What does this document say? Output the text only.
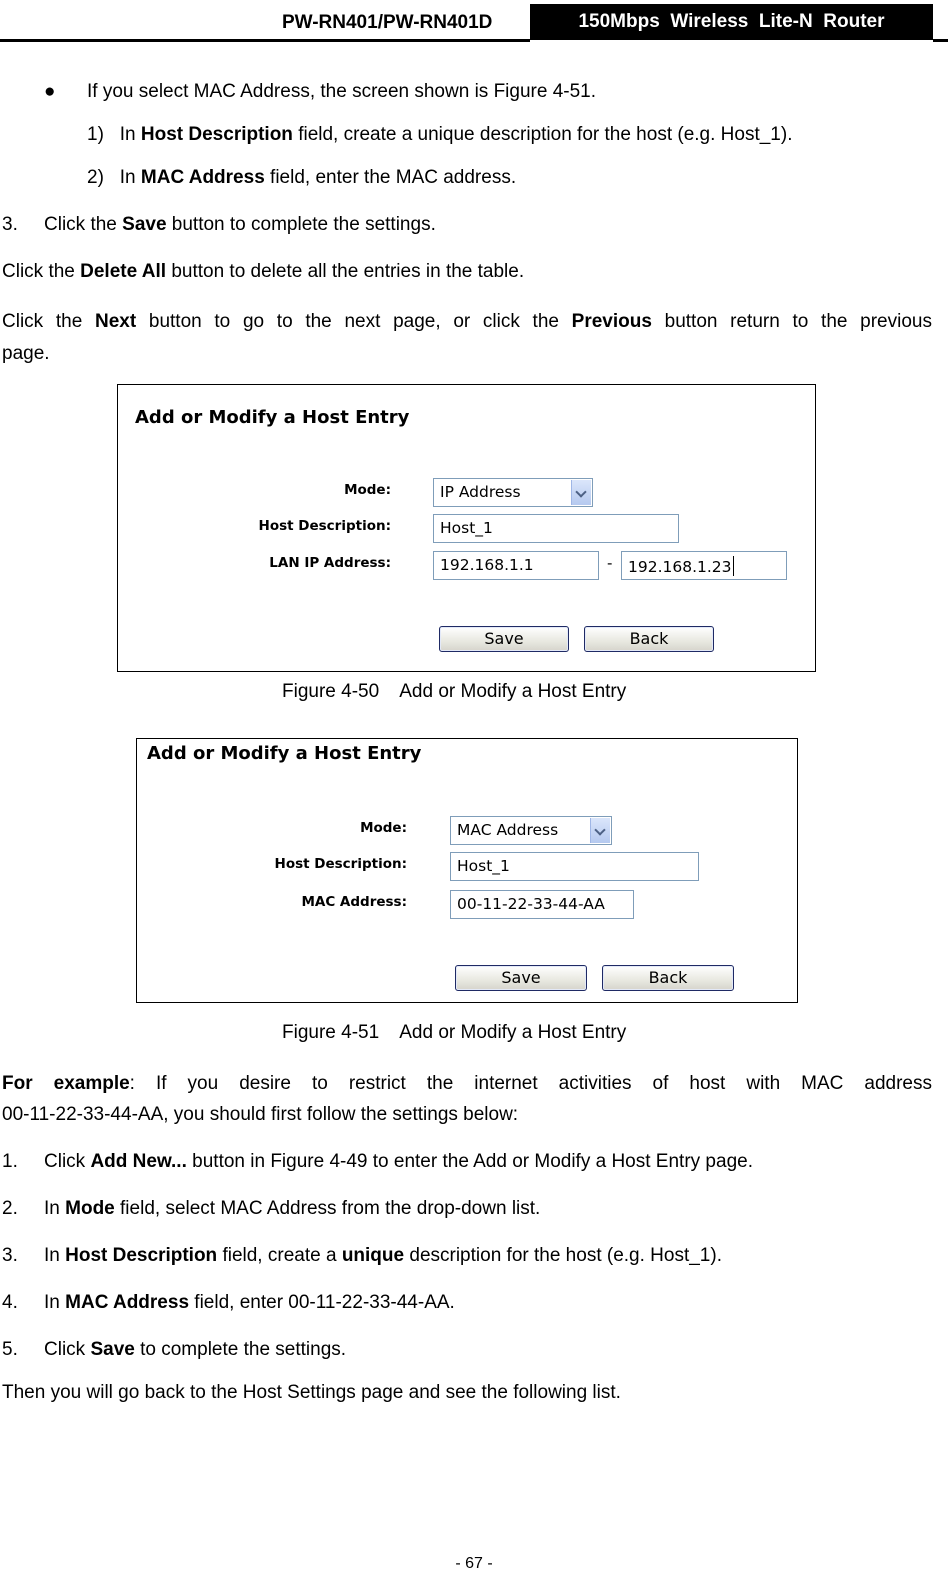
PW-RN401/PW-RN401D	150Mbps  Wireless  Lite-N  Router
● If you select MAC Address, the screen shown is Figure 4-51.
1) In Host Description field, create a unique description for the host (e.g. Host_1).
2) In MAC Address field, enter the MAC address.
3. Click the Save button to complete the settings.
Click the Delete All button to delete all the entries in the table.
Click the Next button to go to the next page, or click the Previous button return to the previous
page.
Add or Modify a Host Entry
Mode:	IP Address
Host Description:	Host_1
LAN IP Address:	192.168.1.1	-	192.168.1.23
Save	Back
Figure 4-50    Add or Modify a Host Entry
Add or Modify a Host Entry
Mode:	MAC Address
Host Description:	Host_1
MAC Address:	00-11-22-33-44-AA
Save	Back
Figure 4-51    Add or Modify a Host Entry
For example: If you desire to restrict the internet activities of host with MAC address
00-11-22-33-44-AA, you should first follow the settings below:
1. Click Add New... button in Figure 4-49 to enter the Add or Modify a Host Entry page.
2. In Mode field, select MAC Address from the drop-down list.
3. In Host Description field, create a unique description for the host (e.g. Host_1).
4. In MAC Address field, enter 00-11-22-33-44-AA.
5. Click Save to complete the settings.
Then you will go back to the Host Settings page and see the following list.
- 67 -
